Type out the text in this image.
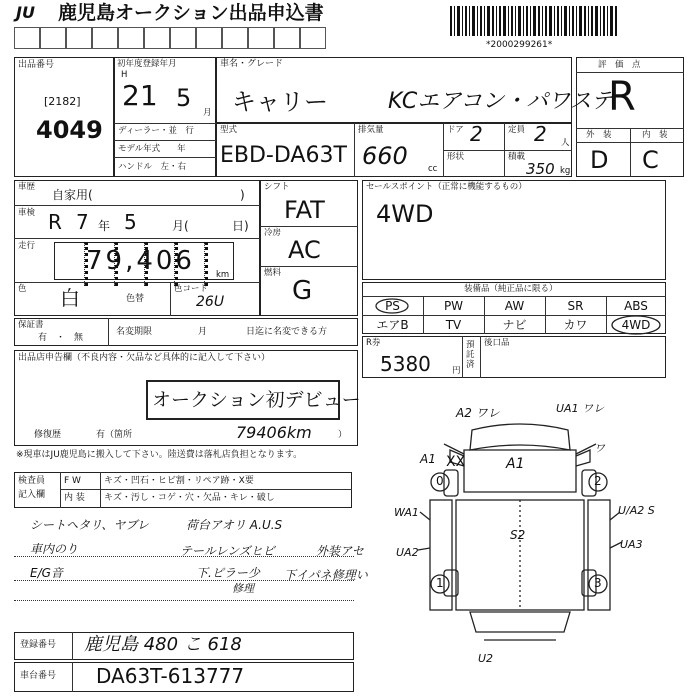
JU 鹿児島オークション出品申込書
*2000299261*
出品番号
[2182]
4049
初年度登録年月
H
21 5
月
ディーラー・並　行
モデル年式　　年
ハンドル　左・右
車名・グレード
キャリー	KCエアコン・パワステ
型式
EBD-DA63T
排気量
660 cc
ドア 2	定員 2 人
形状	積載
350 kg
評　価　点
R
外　装	内　装
D C
車歴
自家用(	)
車検 R 7 年 5	月(	日)
走行 79,406 km
色 白	色替
色コード
26U
シフト
FAT
冷房
AC
燃料
G
セールスポイント（正常に機能するもの）
4WD
装備品（純正品に限る）
PS	PW	AW	SR	ABS
エアB	TV	ナビ	カワ	4WD
保証書
有　・　無
名変期限	月	日迄に名変できる方
R券
5380 円
預託済
後口品
出品店申告欄（不良内容・欠品など具体的に記入して下さい）
オークション初デビュー
修復歴	有（箇所	79406km	）
※現車はJU鹿児島に搬入して下さい。陸送費は落札店負担となります。
検査員
記入欄
F W	キズ・凹石・ヒビ割・リペア跡・X要
内 装 キズ・汚し・コゲ・穴・欠品・キレ・破し
シートヘタリ、ヤブレ	荷台アオリ A.U.S
車内のり	テールレンズヒビ	外装アセ
E/G音	下.ピラー少 下イパネ修理い
修理
A2 ワレ	UA1 ワレ
XX	A1
A1
0	2
WA1	U/A2 S
S2
UA2
UA3
1	3
U2
ワ
登録番号 鹿児島 480 こ 618
車台番号 DA63T-613777
